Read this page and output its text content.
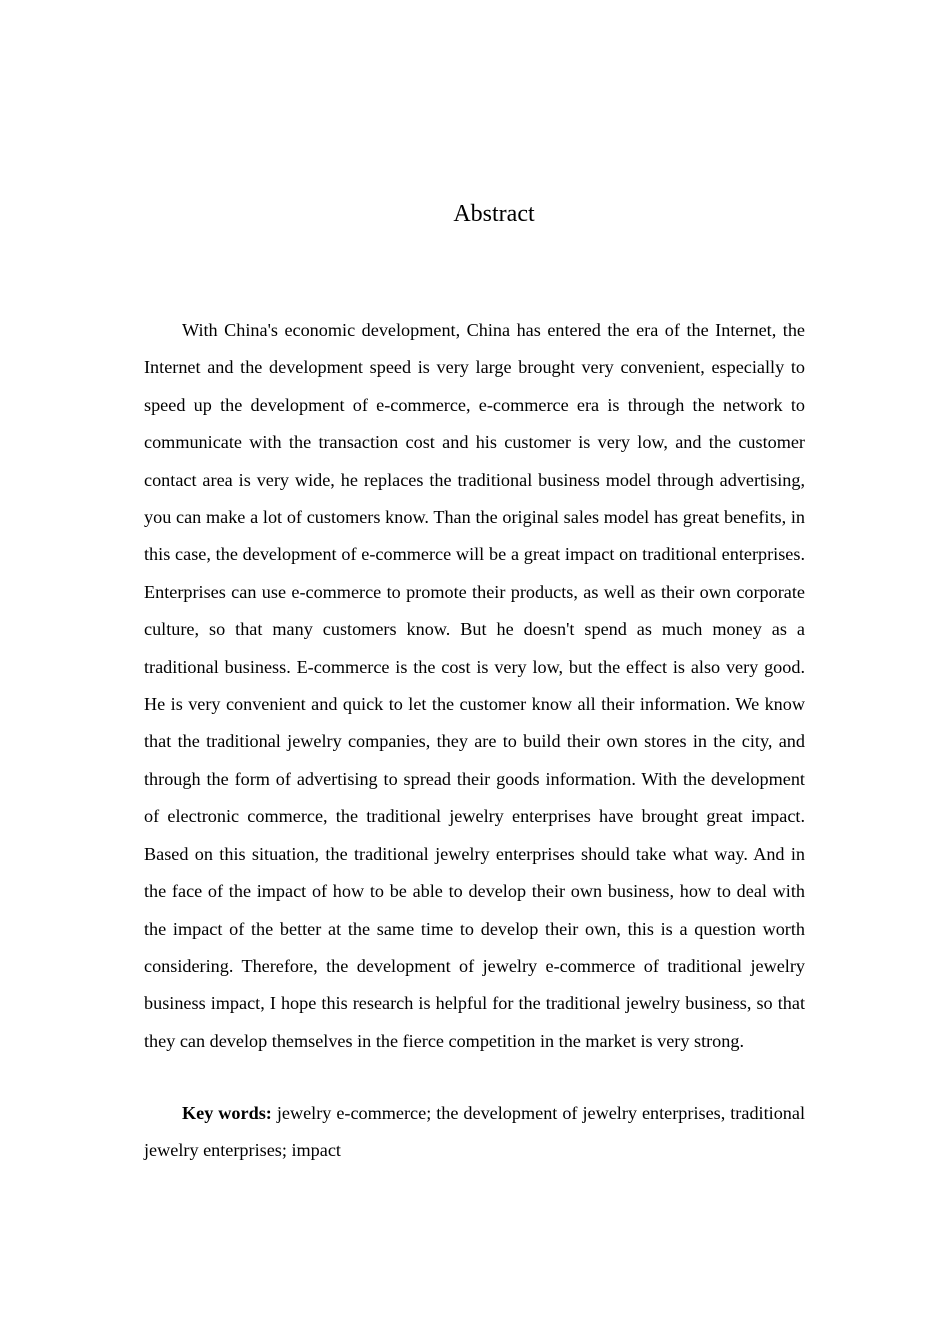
Abstract

With China's economic development, China has entered the era of the Internet, the Internet and the development speed is very large brought very convenient, especially to speed up the development of e-commerce, e-commerce era is through the network to communicate with the transaction cost and his customer is very low, and the customer contact area is very wide, he replaces the traditional business model through advertising, you can make a lot of customers know. Than the original sales model has great benefits, in this case, the development of e-commerce will be a great impact on traditional enterprises. Enterprises can use e-commerce to promote their products, as well as their own corporate culture, so that many customers know. But he doesn't spend as much money as a traditional business. E-commerce is the cost is very low, but the effect is also very good. He is very convenient and quick to let the customer know all their information. We know that the traditional jewelry companies, they are to build their own stores in the city, and through the form of advertising to spread their goods information. With the development of electronic commerce, the traditional jewelry enterprises have brought great impact. Based on this situation, the traditional jewelry enterprises should take what way. And in the face of the impact of how to be able to develop their own business, how to deal with the impact of the better at the same time to develop their own, this is a question worth considering. Therefore, the development of jewelry e-commerce of traditional jewelry business impact, I hope this research is helpful for the traditional jewelry business, so that they can develop themselves in the fierce competition in the market is very strong.

Key words: jewelry e-commerce; the development of jewelry enterprises, traditional jewelry enterprises; impact
